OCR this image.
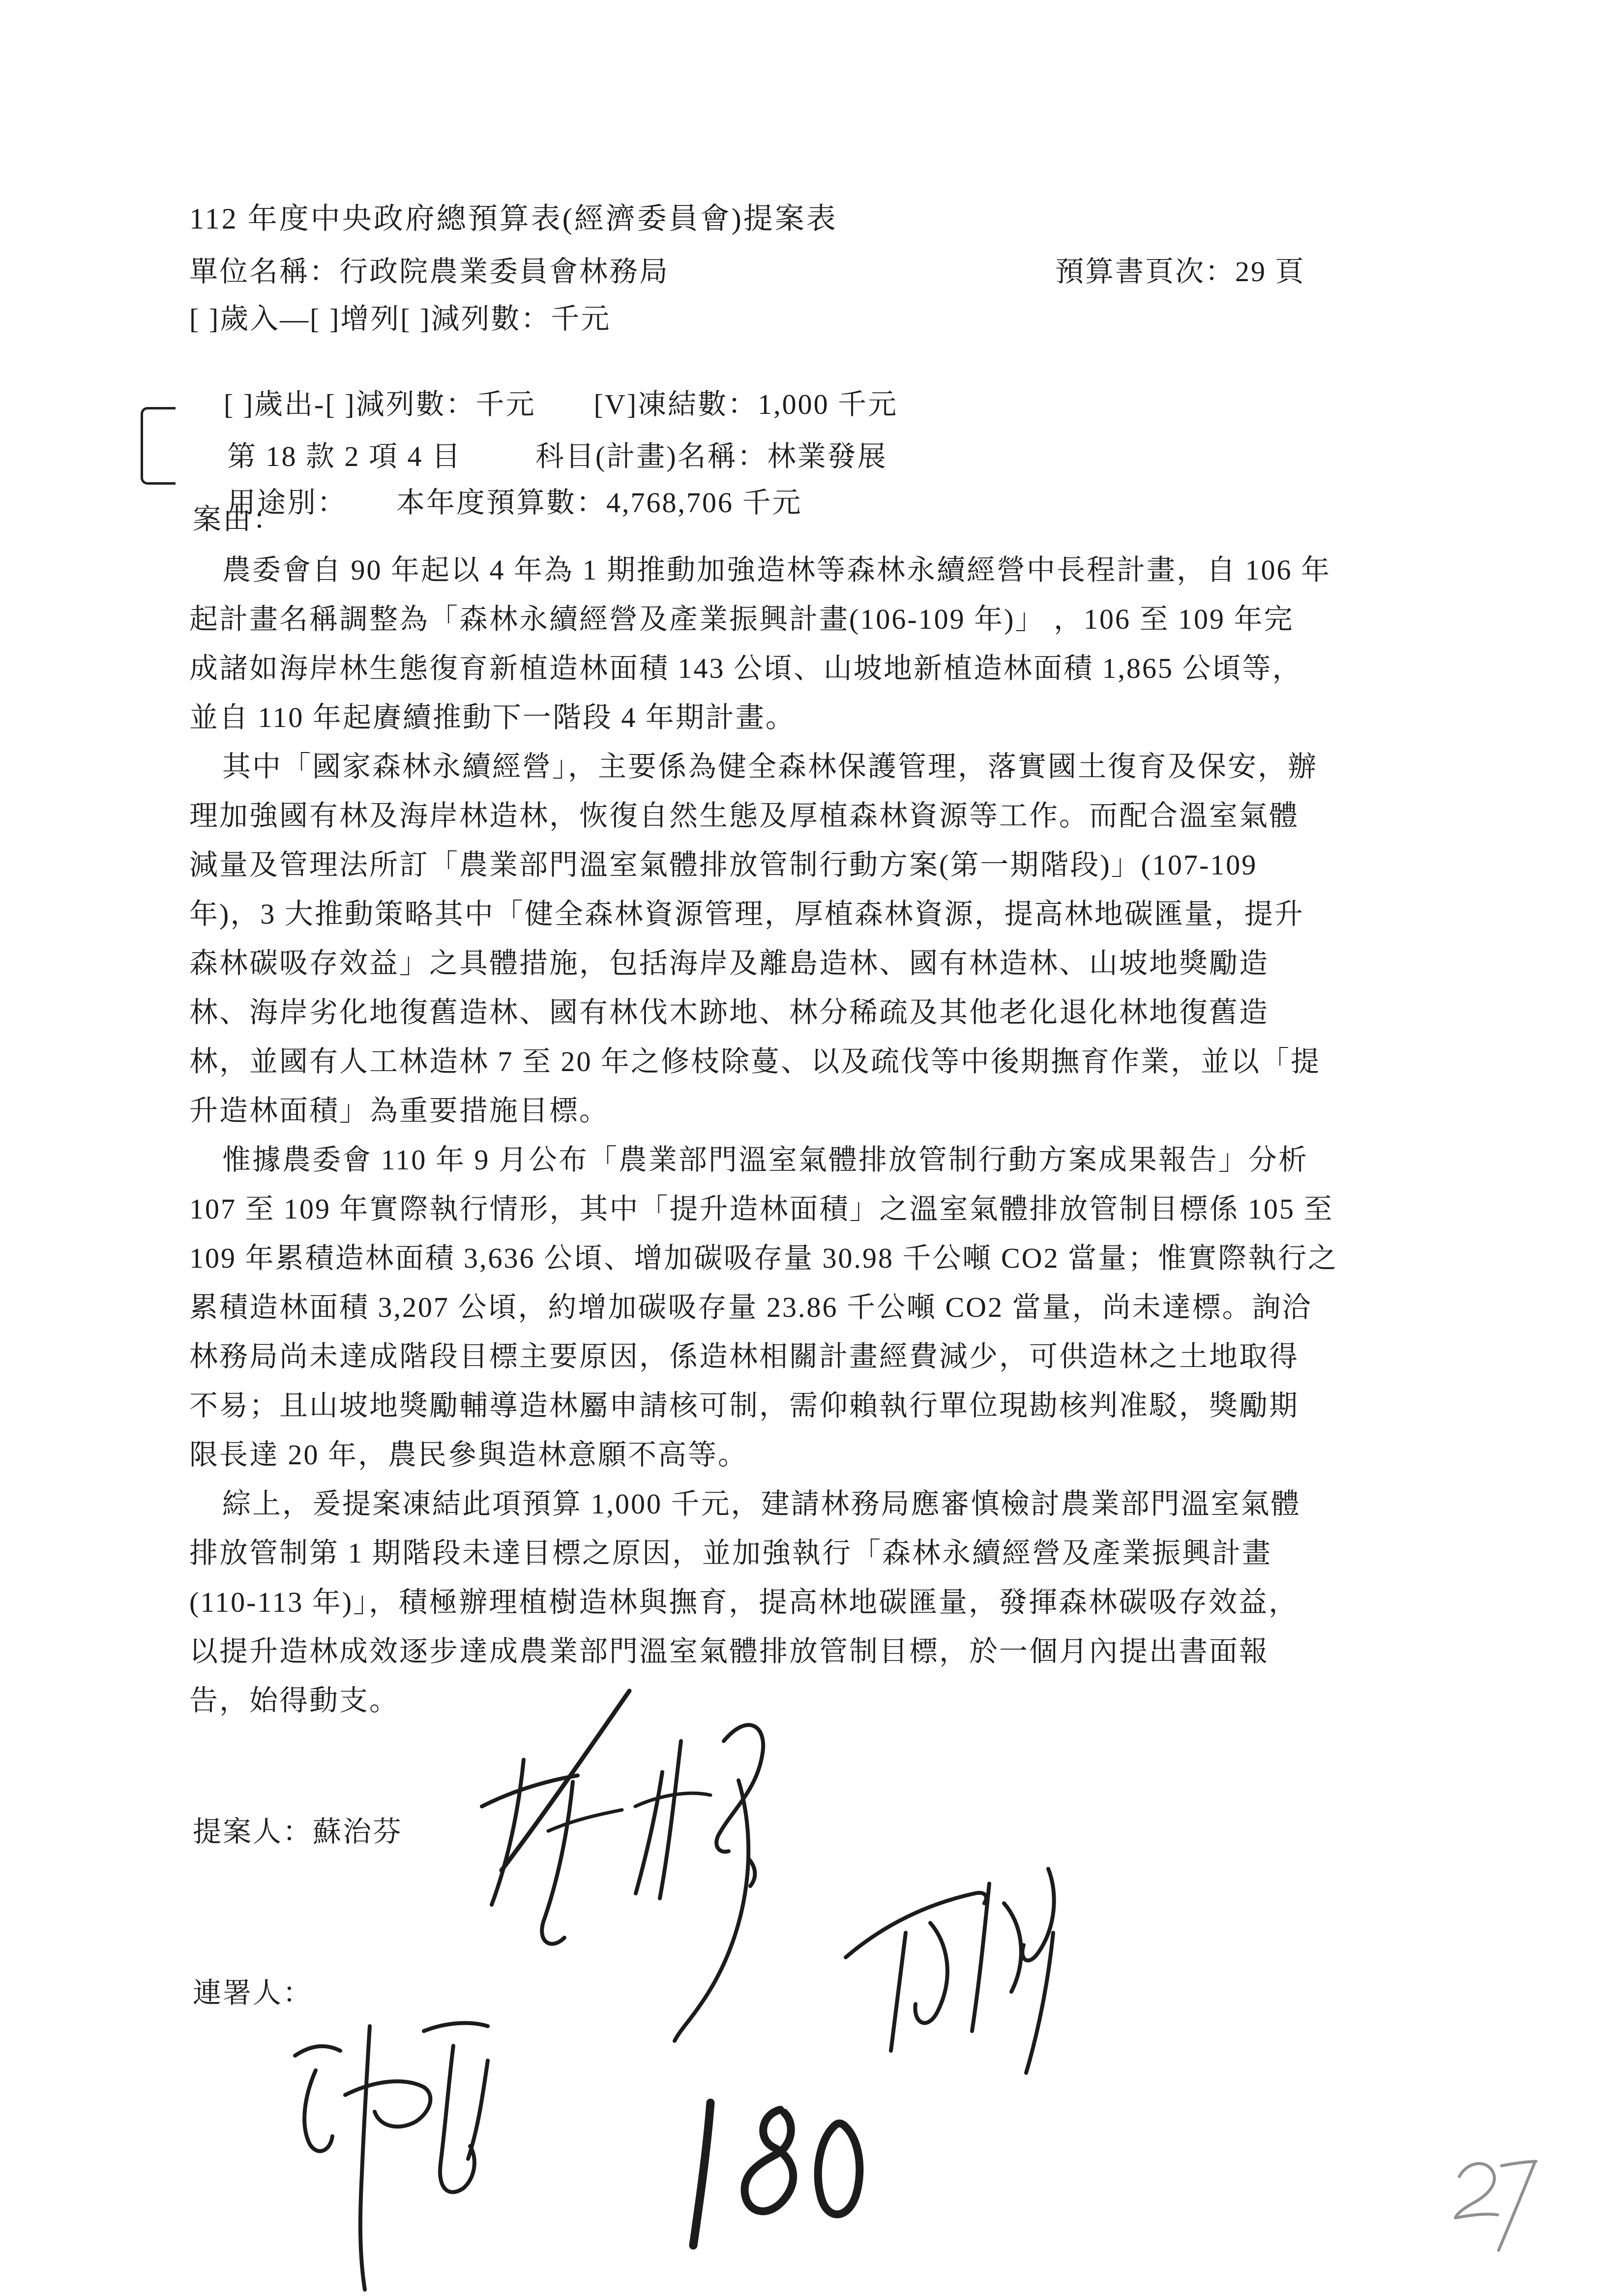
112 年度中央政府總預算表(經濟委員會)提案表
單位名稱：行政院農業委員會林務局	預算書頁次：29 頁
[ ]歲入—[ ]增列[ ]減列數：千元

[ ]歲出-[ ]減列數：千元 [V]凍結數：1,000 千元

第 18 款 2 項 4 目	科目(計畫)名稱：林業發展

用途別： 本年度預算數：4,768,706 千元

案由：
農委會自 90 年起以 4 年為 1 期推動加強造林等森林永續經營中長程計畫，自 106 年
起計畫名稱調整為「森林永續經營及產業振興計畫(106-109 年)」 ，106 至 109 年完
成諸如海岸林生態復育新植造林面積 143 公頃、山坡地新植造林面積 1,865 公頃等，
並自 110 年起賡續推動下一階段 4 年期計畫。
其中「國家森林永續經營」，主要係為健全森林保護管理，落實國土復育及保安，辦
理加強國有林及海岸林造林，恢復自然生態及厚植森林資源等工作。而配合溫室氣體
減量及管理法所訂「農業部門溫室氣體排放管制行動方案(第一期階段)」(107-109
年)，3 大推動策略其中「健全森林資源管理，厚植森林資源，提高林地碳匯量，提升
森林碳吸存效益」之具體措施，包括海岸及離島造林、國有林造林、山坡地獎勵造
林、海岸劣化地復舊造林、國有林伐木跡地、林分稀疏及其他老化退化林地復舊造
林，並國有人工林造林 7 至 20 年之修枝除蔓、以及疏伐等中後期撫育作業，並以「提
升造林面積」為重要措施目標。
惟據農委會 110 年 9 月公布「農業部門溫室氣體排放管制行動方案成果報告」分析
107 至 109 年實際執行情形，其中「提升造林面積」之溫室氣體排放管制目標係 105 至
109 年累積造林面積 3,636 公頃、增加碳吸存量 30.98 千公噸 CO2 當量；惟實際執行之
累積造林面積 3,207 公頃，約增加碳吸存量 23.86 千公噸 CO2 當量，尚未達標。詢洽
林務局尚未達成階段目標主要原因，係造林相關計畫經費減少，可供造林之土地取得
不易；且山坡地獎勵輔導造林屬申請核可制，需仰賴執行單位現勘核判准駁，獎勵期
限長達 20 年，農民參與造林意願不高等。
綜上，爰提案凍結此項預算 1,000 千元，建請林務局應審慎檢討農業部門溫室氣體
排放管制第 1 期階段未達目標之原因，並加強執行「森林永續經營及產業振興計畫
(110-113 年)」，積極辦理植樹造林與撫育，提高林地碳匯量，發揮森林碳吸存效益，
以提升造林成效逐步達成農業部門溫室氣體排放管制目標，於一個月內提出書面報
告，始得動支。
提案人：蘇治芬
連署人：
